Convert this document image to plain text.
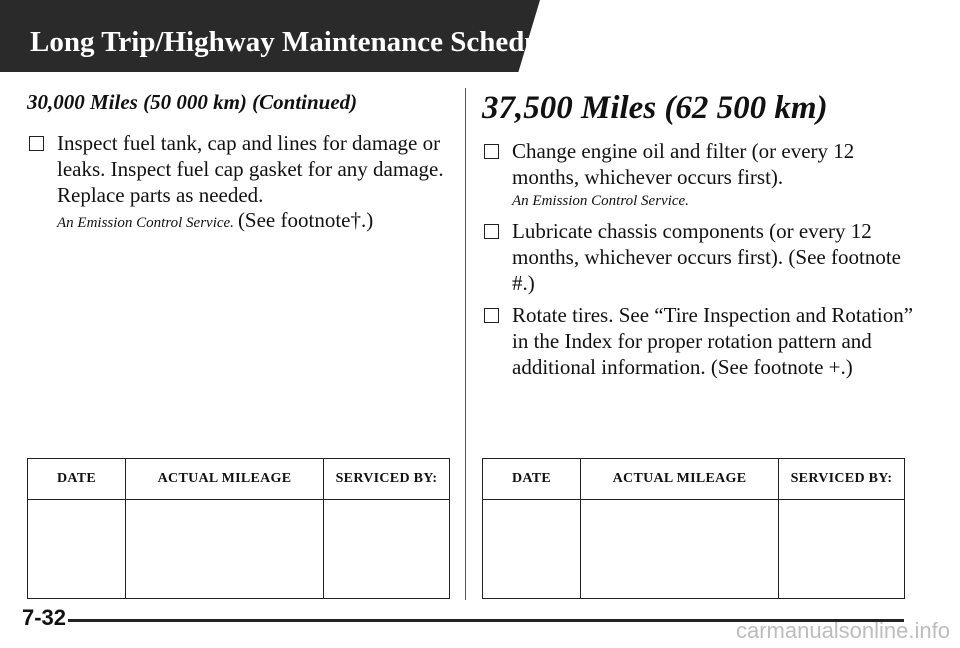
Long Trip/Highway Maintenance Schedule
30,000 Miles (50 000 km) (Continued)
Inspect fuel tank, cap and lines for damage or leaks. Inspect fuel cap gasket for any damage. Replace parts as needed.
An Emission Control Service. (See footnote†.)
37,500 Miles (62 500 km)
Change engine oil and filter (or every 12 months, whichever occurs first).
An Emission Control Service.
Lubricate chassis components (or every 12 months, whichever occurs first). (See footnote #.)
Rotate tires. See “Tire Inspection and Rotation” in the Index for proper rotation pattern and additional information. (See footnote +.)
DATE	ACTUAL MILEAGE	SERVICED BY:
			DATE	ACTUAL MILEAGE	SERVICED BY:

7-32
carmanualsonline.info
